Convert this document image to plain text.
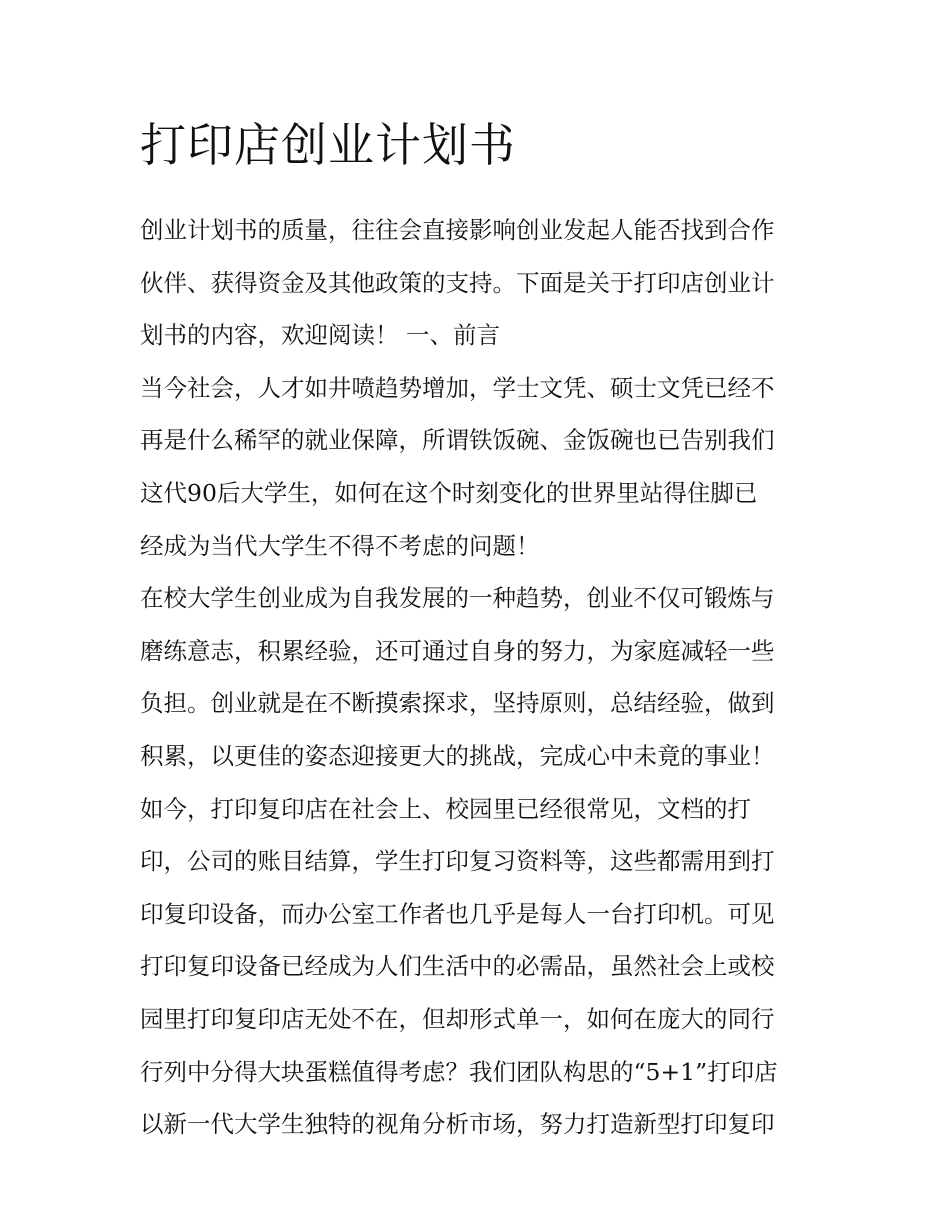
打印店创业计划书
创业计划书的质量，往往会直接影响创业发起人能否找到合作
伙伴、获得资金及其他政策的支持。下面是关于打印店创业计
划书的内容，欢迎阅读！ 一、前言
当今社会，人才如井喷趋势增加，学士文凭、硕士文凭已经不
再是什么稀罕的就业保障，所谓铁饭碗、金饭碗也已告别我们
这代90后大学生，如何在这个时刻变化的世界里站得住脚已
经成为当代大学生不得不考虑的问题！
在校大学生创业成为自我发展的一种趋势，创业不仅可锻炼与
磨练意志，积累经验，还可通过自身的努力，为家庭减轻一些
负担。创业就是在不断摸索探求，坚持原则，总结经验，做到
积累，以更佳的姿态迎接更大的挑战，完成心中未竟的事业！
如今，打印复印店在社会上、校园里已经很常见，文档的打
印，公司的账目结算，学生打印复习资料等，这些都需用到打
印复印设备，而办公室工作者也几乎是每人一台打印机。可见
打印复印设备已经成为人们生活中的必需品，虽然社会上或校
园里打印复印店无处不在，但却形式单一，如何在庞大的同行
行列中分得大块蛋糕值得考虑？我们团队构思的“5+1”打印店
以新一代大学生独特的视角分析市场，努力打造新型打印复印
